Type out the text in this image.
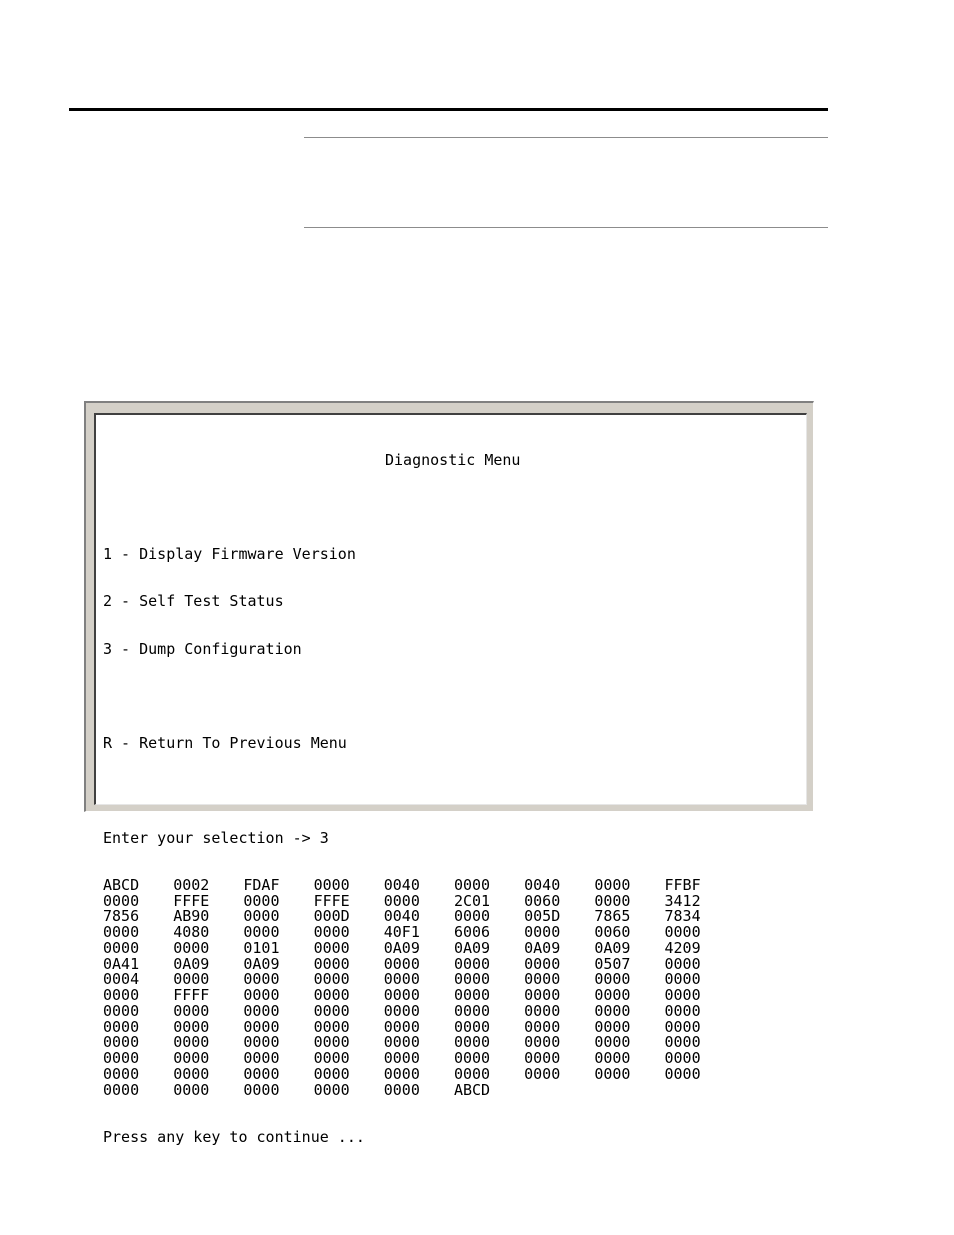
Diagnostic Menu

1 - Display Firmware Version

2 - Self Test Status

3 - Dump Configuration

R - Return To Previous Menu

Enter your selection -> 3

ABCD 0002 FDAF 0000 0040 0000 0040 0000 FFBF
0000 FFFE 0000 FFFE 0000 2C01 0060 0000 3412
7856 AB90 0000 000D 0040 0000 005D 7865 7834
0000 4080 0000 0000 40F1 6006 0000 0060 0000
0000 0000 0101 0000 0A09 0A09 0A09 0A09 4209
0A41 0A09 0A09 0000 0000 0000 0000 0507 0000
0004 0000 0000 0000 0000 0000 0000 0000 0000
0000 FFFF 0000 0000 0000 0000 0000 0000 0000
0000 0000 0000 0000 0000 0000 0000 0000 0000
0000 0000 0000 0000 0000 0000 0000 0000 0000
0000 0000 0000 0000 0000 0000 0000 0000 0000
0000 0000 0000 0000 0000 0000 0000 0000 0000
0000 0000 0000 0000 0000 0000 0000 0000 0000
0000 0000 0000 0000 0000 ABCD

Press any key to continue ...
